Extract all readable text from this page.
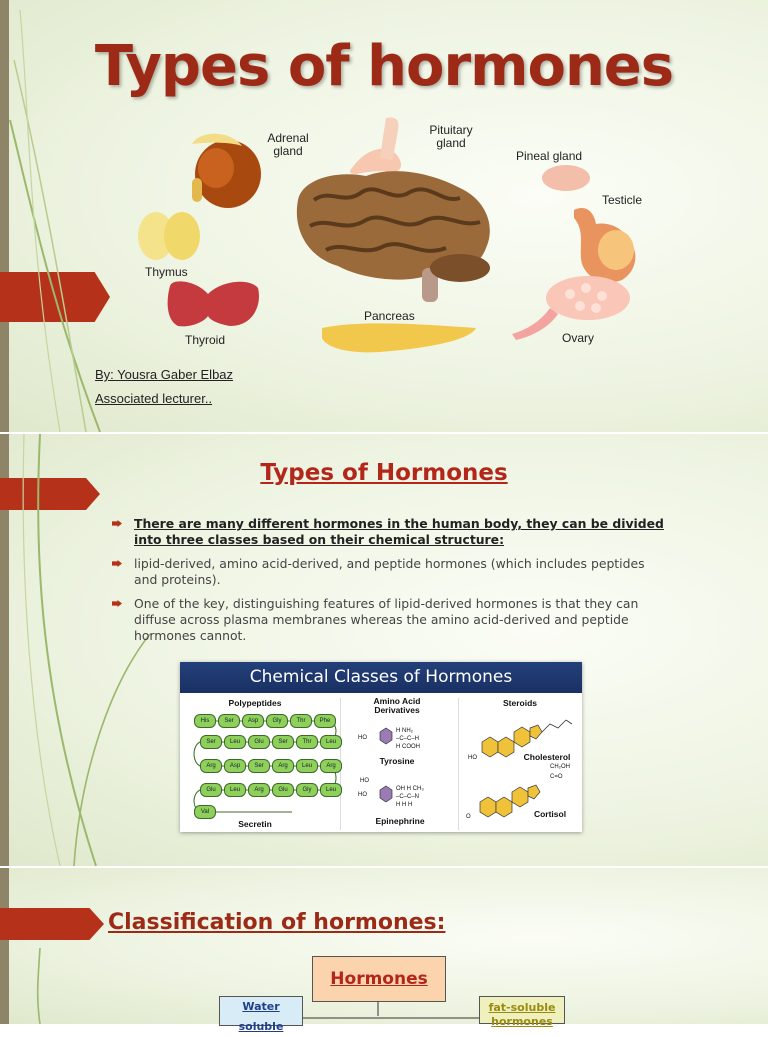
Types of hormones
Adrenal gland
Pituitary gland
Pineal gland
Testicle
Thymus
Thyroid
Pancreas
Ovary
By: Yousra Gaber Elbaz
Associated lecturer..
Types of Hormones
There are many different hormones in the human body, they can be divided into three classes based on their chemical structure:
lipid-derived, amino acid-derived, and peptide hormones (which includes peptides and proteins).
One of the key, distinguishing features of lipid-derived hormones is that they can diffuse across plasma membranes whereas the amino acid-derived and peptide hormones cannot.
Chemical Classes of Hormones
Polypeptides	Amino Acid Derivatives
Steroids
HO
H NH₂
–C–C–H
H COOH
HO
HO
OH H CH₃
–C–C–N
H H H
HO
O
CH₂OH
C=O
His	Ser	Asp	Gly	Thr	Phe
Ser	Leu	Glu	Ser	Thr	Leu
Arg	Asp	Ser	Arg	Leu	Arg
Glu	Leu	Arg	Glu	Gly	Leu
Val
Secretin
Tyrosine
Epinephrine
Cholesterol
Cortisol
Classification of hormones:
Hormones
Water soluble
fat-soluble hormones
